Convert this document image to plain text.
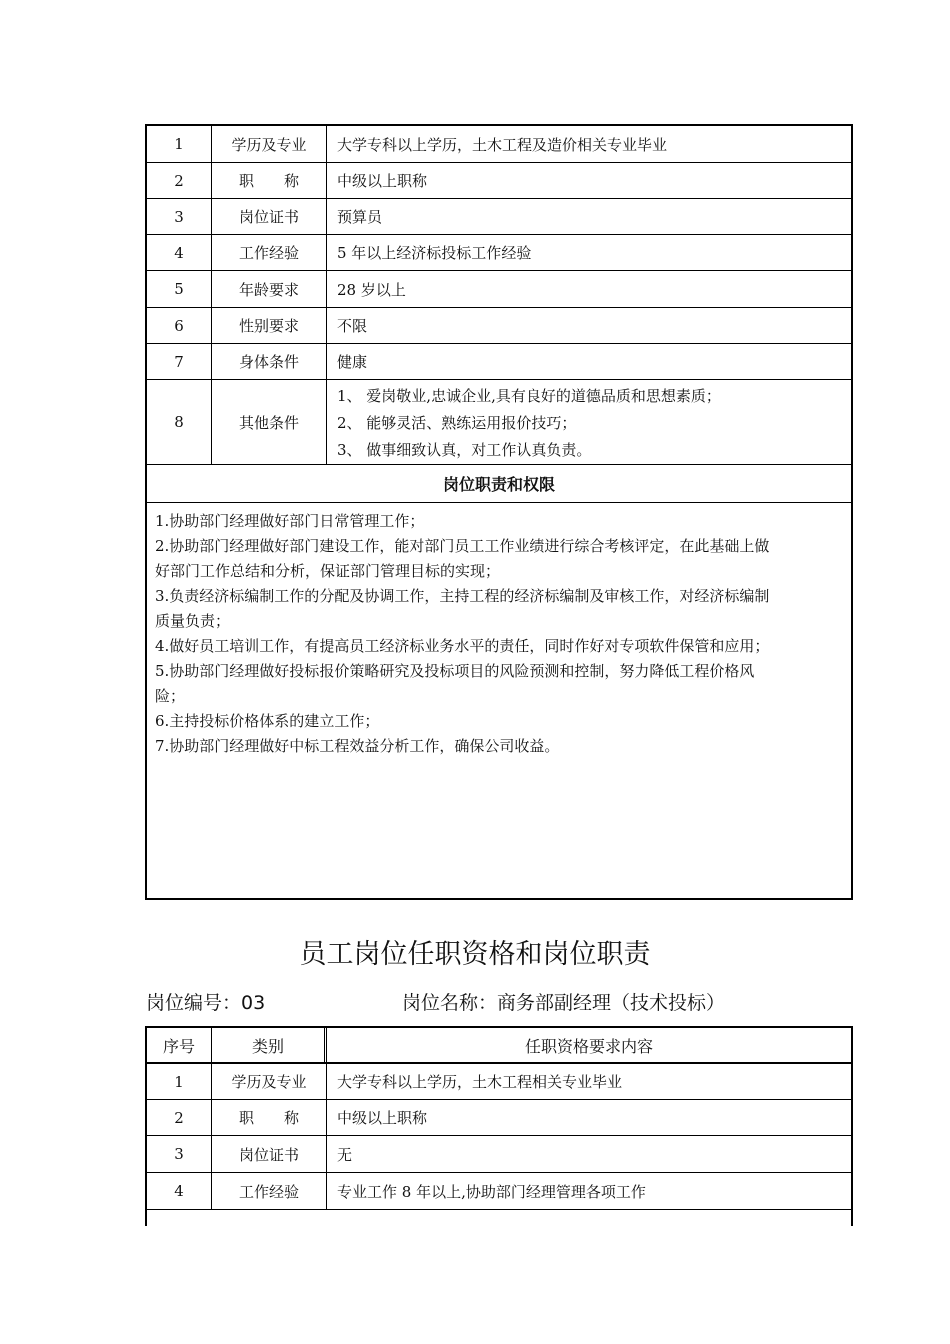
1	学历及专业	大学专科以上学历，土木工程及造价相关专业毕业
2	职　　称	中级以上职称
3	岗位证书	预算员
4	工作经验	5 年以上经济标投标工作经验
5	年龄要求	28 岁以上
6	性别要求	不限
7	身体条件	健康
8	其他条件
1、 爱岗敬业,忠诚企业,具有良好的道德品质和思想素质；
2、 能够灵活、熟练运用报价技巧；
3、 做事细致认真，对工作认真负责。
岗位职责和权限
1.协助部门经理做好部门日常管理工作；
2.协助部门经理做好部门建设工作，能对部门员工工作业绩进行综合考核评定，在此基础上做
好部门工作总结和分析，保证部门管理目标的实现；
3.负责经济标编制工作的分配及协调工作，主持工程的经济标编制及审核工作，对经济标编制
质量负责；
4.做好员工培训工作，有提高员工经济标业务水平的责任，同时作好对专项软件保管和应用；
5.协助部门经理做好投标报价策略研究及投标项目的风险预测和控制，努力降低工程价格风
险；
6.主持投标价格体系的建立工作；
7.协助部门经理做好中标工程效益分析工作，确保公司收益。
员工岗位任职资格和岗位职责
岗位编号：03	岗位名称：商务部副经理（技术投标）
序号	类别	任职资格要求内容
1	学历及专业	大学专科以上学历，土木工程相关专业毕业
2	职　　称	中级以上职称
3	岗位证书	无
4	工作经验	专业工作 8 年以上,协助部门经理管理各项工作
